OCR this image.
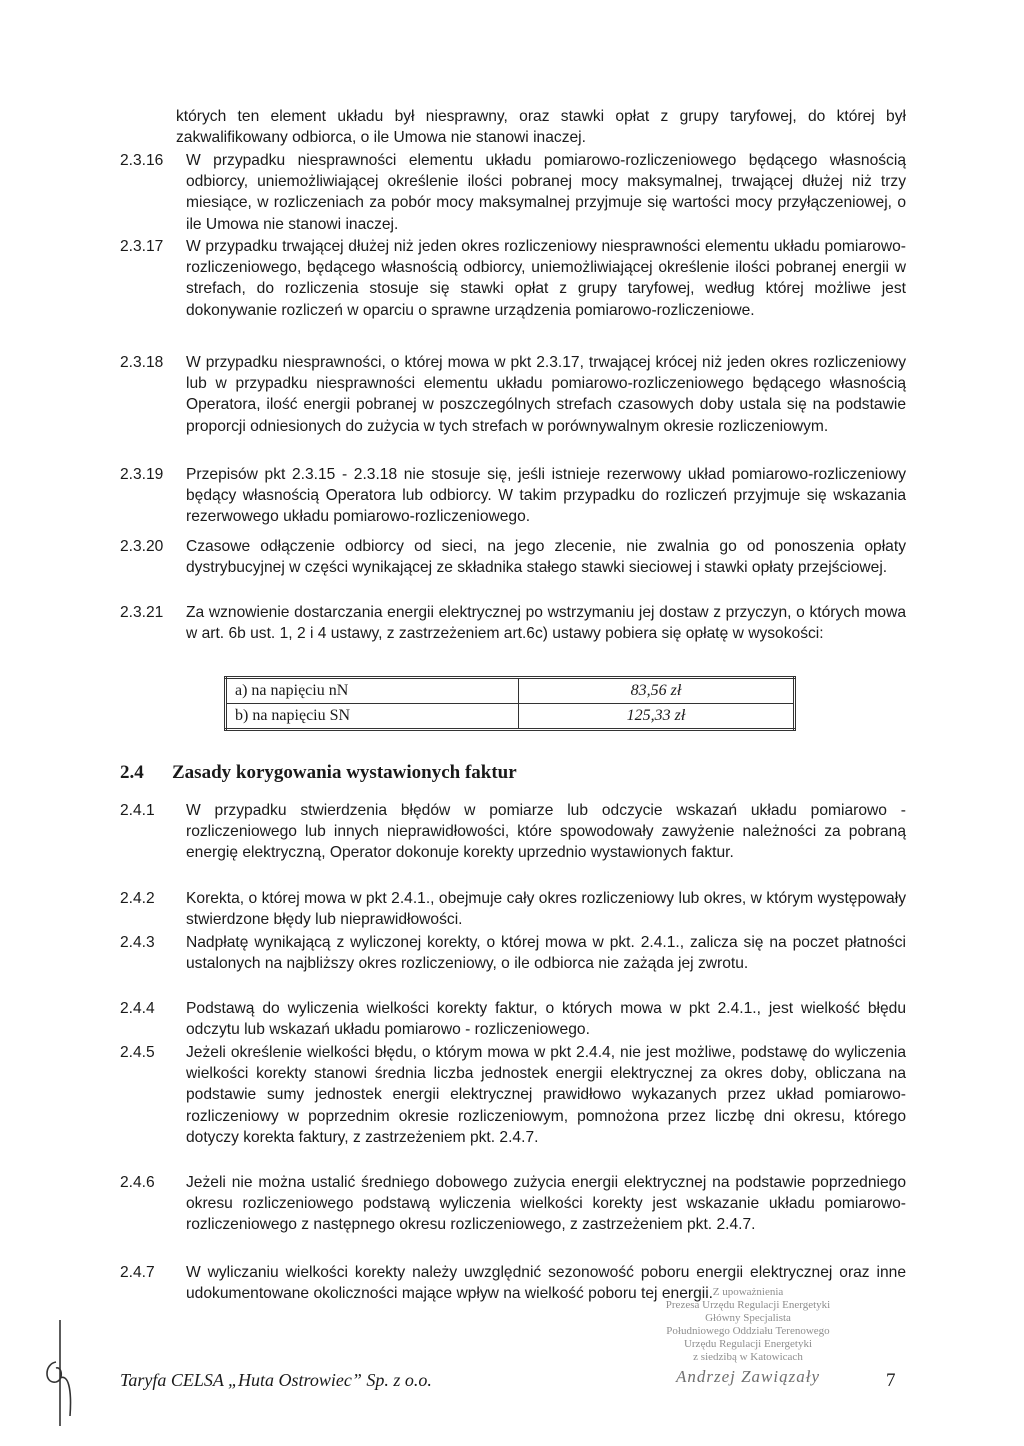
których ten element układu był niesprawny, oraz stawki opłat z grupy taryfowej, do której był zakwalifikowany odbiorca, o ile Umowa nie stanowi inaczej.
2.3.16	W przypadku niesprawności elementu układu pomiarowo-rozliczeniowego będącego własnością odbiorcy, uniemożliwiającej określenie ilości pobranej mocy maksymalnej, trwającej dłużej niż trzy miesiące, w rozliczeniach za pobór mocy maksymalnej przyjmuje się wartości mocy przyłączeniowej, o ile Umowa nie stanowi inaczej.
2.3.17	W przypadku trwającej dłużej niż jeden okres rozliczeniowy niesprawności elementu układu pomiarowo-rozliczeniowego, będącego własnością odbiorcy, uniemożliwiającej określenie ilości pobranej energii w strefach, do rozliczenia stosuje się stawki opłat z grupy taryfowej, według której możliwe jest dokonywanie rozliczeń w oparciu o sprawne urządzenia pomiarowo-rozliczeniowe.
2.3.18	W przypadku niesprawności, o której mowa w pkt 2.3.17, trwającej krócej niż jeden okres rozliczeniowy lub w przypadku niesprawności elementu układu pomiarowo-rozliczeniowego będącego własnością Operatora, ilość energii pobranej w poszczególnych strefach czasowych doby ustala się na podstawie proporcji odniesionych do zużycia w tych strefach w porównywalnym okresie rozliczeniowym.
2.3.19	Przepisów pkt 2.3.15 - 2.3.18 nie stosuje się, jeśli istnieje rezerwowy układ pomiarowo-rozliczeniowy będący własnością Operatora lub odbiorcy. W takim przypadku do rozliczeń przyjmuje się wskazania rezerwowego układu pomiarowo-rozliczeniowego.
2.3.20	Czasowe odłączenie odbiorcy od sieci, na jego zlecenie, nie zwalnia go od ponoszenia opłaty dystrybucyjnej w części wynikającej ze składnika stałego stawki sieciowej i stawki opłaty przejściowej.
2.3.21	Za wznowienie dostarczania energii elektrycznej po wstrzymaniu jej dostaw z przyczyn, o których mowa w art. 6b ust. 1, 2 i 4 ustawy, z zastrzeżeniem art.6c) ustawy pobiera się opłatę w wysokości:
a) na napięciu nN	83,56 zł
b) na napięciu SN	125,33 zł
2.4 Zasady korygowania wystawionych faktur
2.4.1	W przypadku stwierdzenia błędów w pomiarze lub odczycie wskazań układu pomiarowo - rozliczeniowego lub innych nieprawidłowości, które spowodowały zawyżenie należności za pobraną energię elektryczną, Operator dokonuje korekty uprzednio wystawionych faktur.
2.4.2	Korekta, o której mowa w pkt 2.4.1., obejmuje cały okres rozliczeniowy lub okres, w którym występowały stwierdzone błędy lub nieprawidłowości.
2.4.3	Nadpłatę wynikającą z wyliczonej korekty, o której mowa w pkt. 2.4.1., zalicza się na poczet płatności ustalonych na najbliższy okres rozliczeniowy, o ile odbiorca nie zażąda jej zwrotu.
2.4.4	Podstawą do wyliczenia wielkości korekty faktur, o których mowa w pkt 2.4.1., jest wielkość błędu odczytu lub wskazań układu pomiarowo - rozliczeniowego.
2.4.5	Jeżeli określenie wielkości błędu, o którym mowa w pkt 2.4.4, nie jest możliwe, podstawę do wyliczenia wielkości korekty stanowi średnia liczba jednostek energii elektrycznej za okres doby, obliczana na podstawie sumy jednostek energii elektrycznej prawidłowo wykazanych przez układ pomiarowo-rozliczeniowy w poprzednim okresie rozliczeniowym, pomnożona przez liczbę dni okresu, którego dotyczy korekta faktury, z zastrzeżeniem pkt. 2.4.7.
2.4.6	Jeżeli nie można ustalić średniego dobowego zużycia energii elektrycznej na podstawie poprzedniego okresu rozliczeniowego podstawą wyliczenia wielkości korekty jest wskazanie układu pomiarowo-rozliczeniowego z następnego okresu rozliczeniowego, z zastrzeżeniem pkt. 2.4.7.
2.4.7	W wyliczaniu wielkości korekty należy uwzględnić sezonowość poboru energii elektrycznej oraz inne udokumentowane okoliczności mające wpływ na wielkość poboru tej energii. Z upoważnienia
Prezesa Urzędu Regulacji Energetyki
Główny Specjalista
Południowego Oddziału Terenowego
Urzędu Regulacji Energetyki
z siedzibą w Katowicach
Andrzej Zawiązały
Taryfa CELSA „Huta Ostrowiec” Sp. z o.o.	7
